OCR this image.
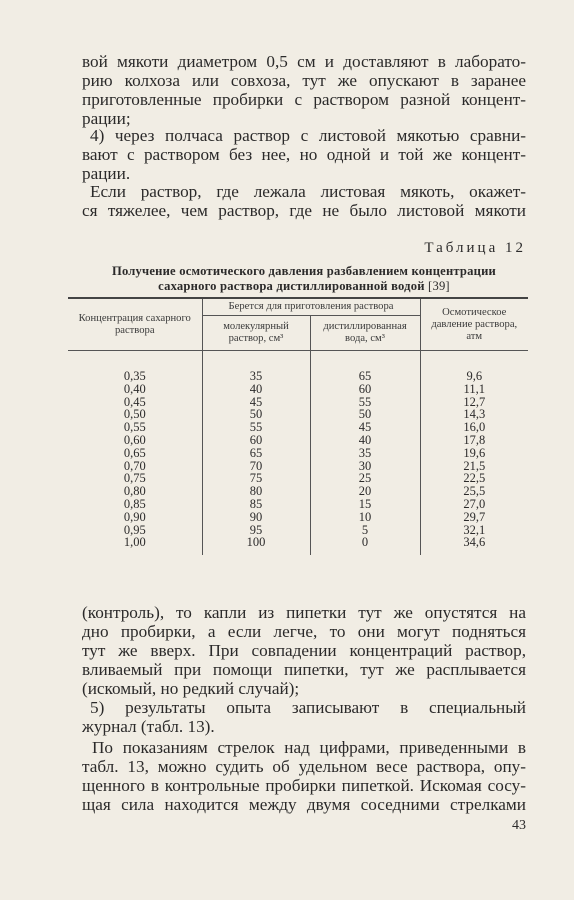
вой мякоти диаметром 0,5 см и доставляют в лаборато-
рию колхоза или совхоза, тут же опускают в заранее
приготовленные пробирки с раствором разной концент-
рации;

4) через полчаса раствор с листовой мякотью сравни-
вают с раствором без нее, но одной и той же концент-
рации.

Если раствор, где лежала листовая мякоть, окажет-
ся тяжелее, чем раствор, где не было листовой мякоти

Таблица 12
Получение осмотического давления разбавлением концентрации
сахарного раствора дистиллированной водой [39]
Концентрация сахарного раствора	Берется для приготовления раствора		Осмотическое давление раствора, атм
	молекулярный раствор, см³	дистиллированная вода, см³	

0,35	35	65	9,6
0,40	40	60	11,1
0,45	45	55	12,7
0,50	50	50	14,3
0,55	55	45	16,0
0,60	60	40	17,8
0,65	65	35	19,6
0,70	70	30	21,5
0,75	75	25	22,5
0,80	80	20	25,5
0,85	85	15	27,0
0,90	90	10	29,7
0,95	95	5	32,1
1,00	100	0	34,6

(контроль), то капли из пипетки тут же опустятся на
дно пробирки, а если легче, то они могут подняться
тут же вверх. При совпадении концентраций раствор,
вливаемый при помощи пипетки, тут же расплывается
(искомый, но редкий случай);

5) результаты опыта записывают в специальный
журнал (табл. 13).

По показаниям стрелок над цифрами, приведенными в
табл. 13, можно судить об удельном весе раствора, опу-
щенного в контрольные пробирки пипеткой. Искомая сосу-
щая сила находится между двумя соседними стрелками

43
